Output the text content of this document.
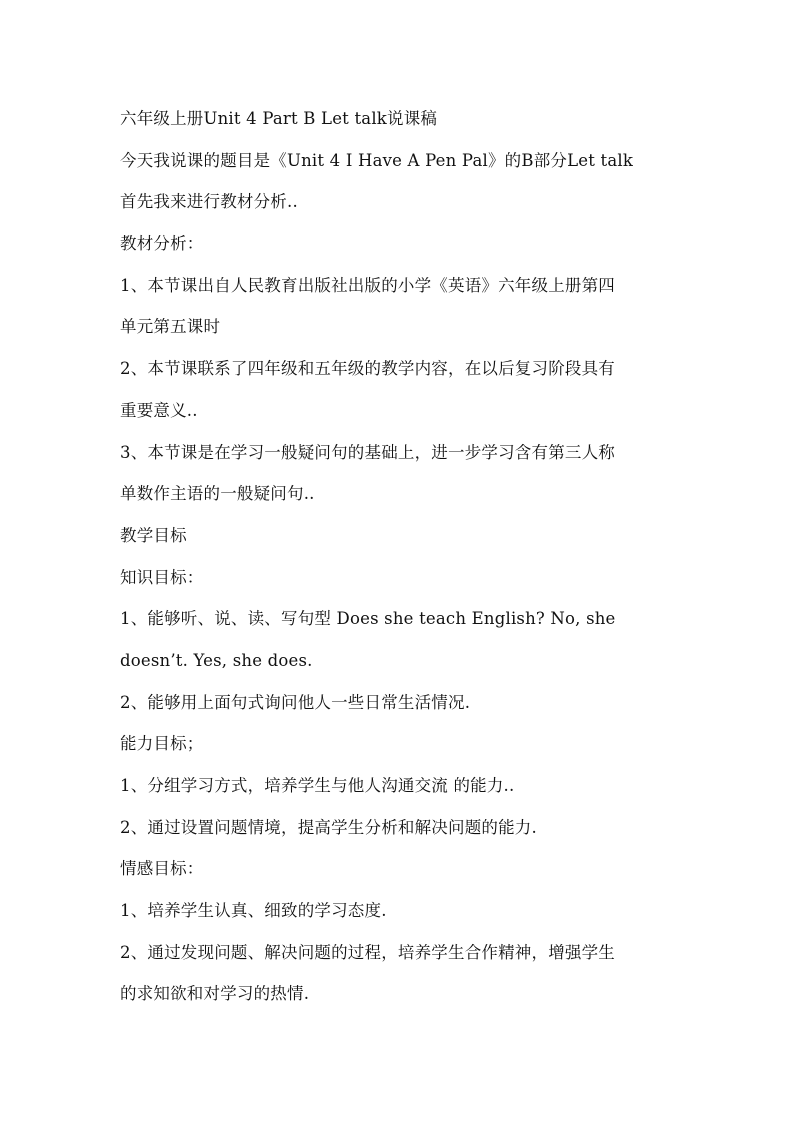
六年级上册Unit 4 Part B Let talk说课稿
今天我说课的题目是《Unit 4 I Have A Pen Pal》的B部分Let talk
首先我来进行教材分析..
教材分析：
1、本节课出自人民教育出版社出版的小学《英语》六年级上册第四
单元第五课时
2、本节课联系了四年级和五年级的教学内容，在以后复习阶段具有
重要意义..
3、本节课是在学习一般疑问句的基础上，进一步学习含有第三人称
单数作主语的一般疑问句..
教学目标
知识目标：
1、能够听、说、读、写句型 Does she teach English? No, she
doesn’t. Yes, she does.
2、能够用上面句式询问他人一些日常生活情况.
能力目标；
1、分组学习方式，培养学生与他人沟通交流 的能力..
2、通过设置问题情境，提高学生分析和解决问题的能力.
情感目标：
1、培养学生认真、细致的学习态度.
2、通过发现问题、解决问题的过程，培养学生合作精神，增强学生
的求知欲和对学习的热情.
